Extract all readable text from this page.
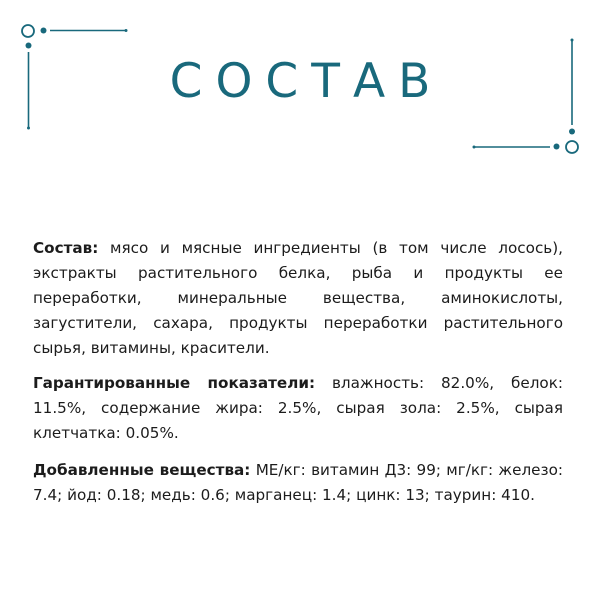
СОСТАВ

Состав: мясо и мясные ингредиенты (в том числе лосось), экстракты растительного белка, рыба и продукты ее переработки, минеральные вещества, аминокислоты, загустители, сахара, продукты переработки растительного сырья, витамины, красители.

Гарантированные показатели: влажность: 82.0%, белок: 11.5%, содержание жира: 2.5%, сырая зола: 2.5%, сырая клетчатка: 0.05%.

Добавленные вещества: МЕ/кг: витамин Д3: 99; мг/кг: железо: 7.4; йод: 0.18; медь: 0.6; марганец: 1.4; цинк: 13; таурин: 410.
